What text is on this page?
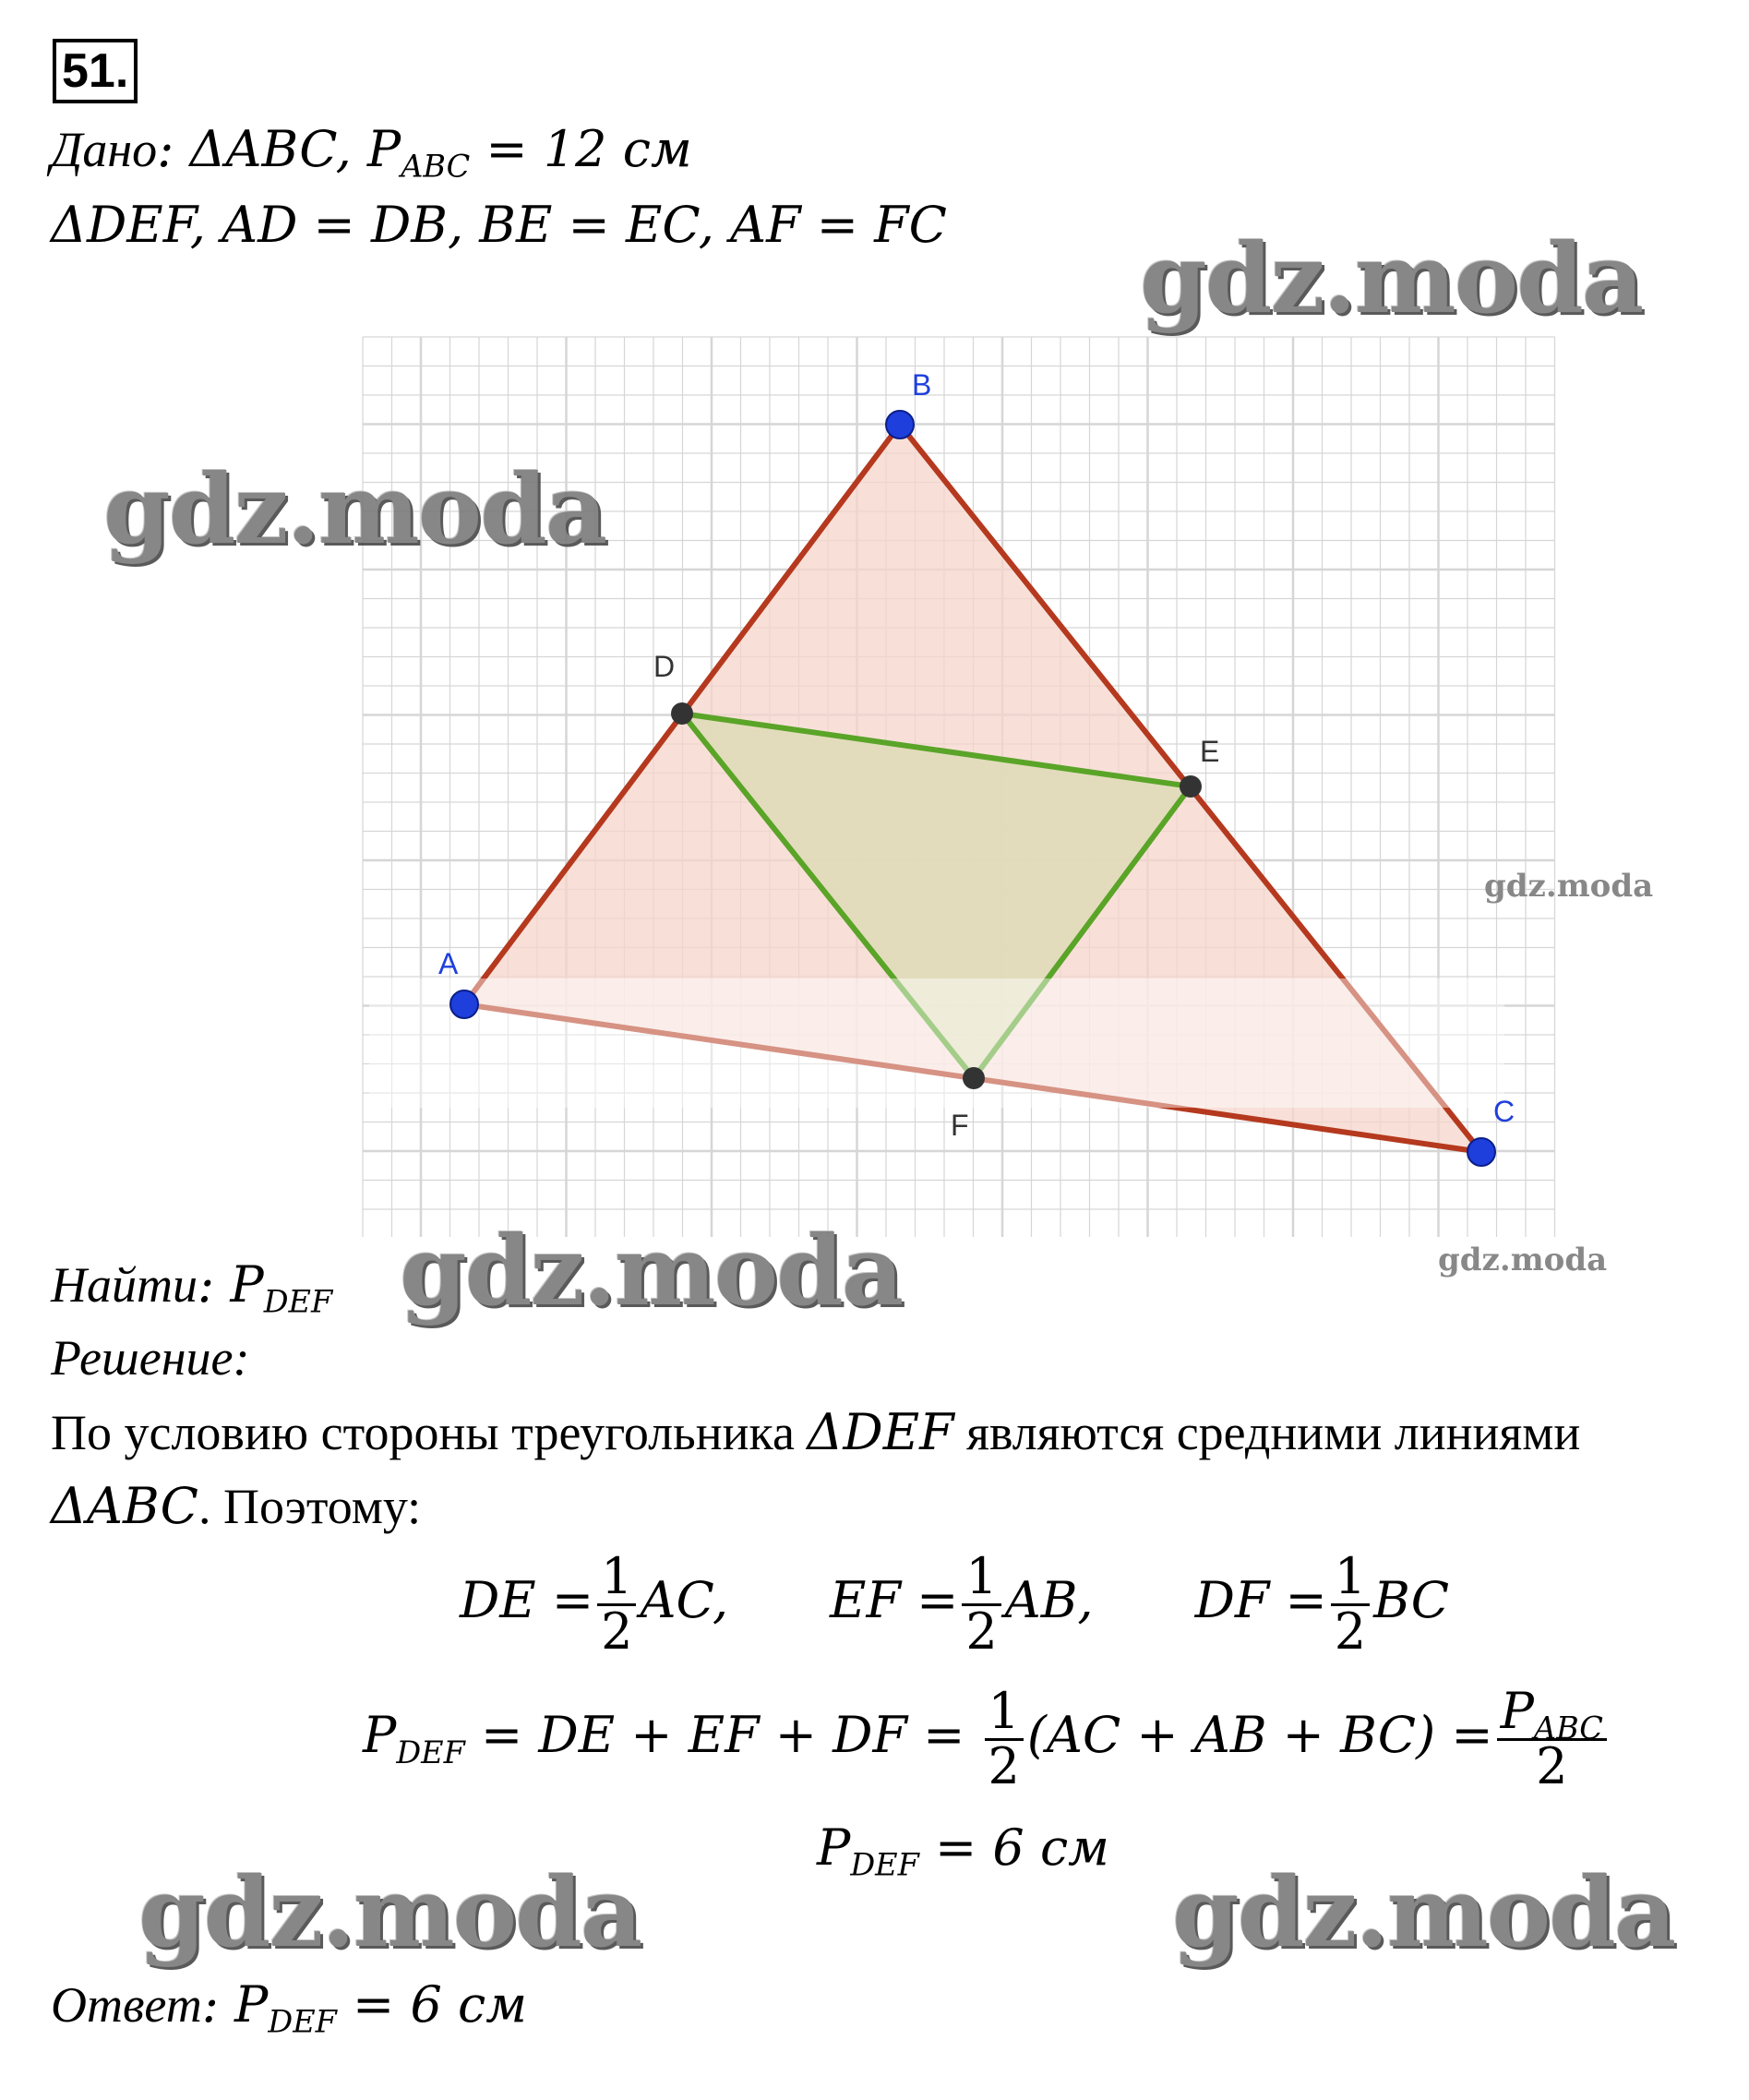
51.
Дано: ΔABC, $P_{ABC} = 12$ см
ΔDEF, AD = DB, BE = EC, AF = FC
B
A
C
D
E
F
gdz.moda
gdz.moda
gdz.moda
gdz.moda
gdz.moda
gdz.moda	gdz.moda
Найти: $P_{DEF}$
Решение:
По условию стороны треугольника ΔDEF являются средними линиями
ΔABC. Поэтому:
DE = $\frac{1}{2}$ AC, EF = $\frac{1}{2}$ AB, DF = $\frac{1}{2}$ BC
$P_{DEF}$ = DE + EF + DF = $\frac{1}{2} (AC$ + AB + $BC) = \frac{P_{ABC}}{2}$
$P_{DEF} = 6$ см
Ответ: $P_{DEF} = 6$ см
